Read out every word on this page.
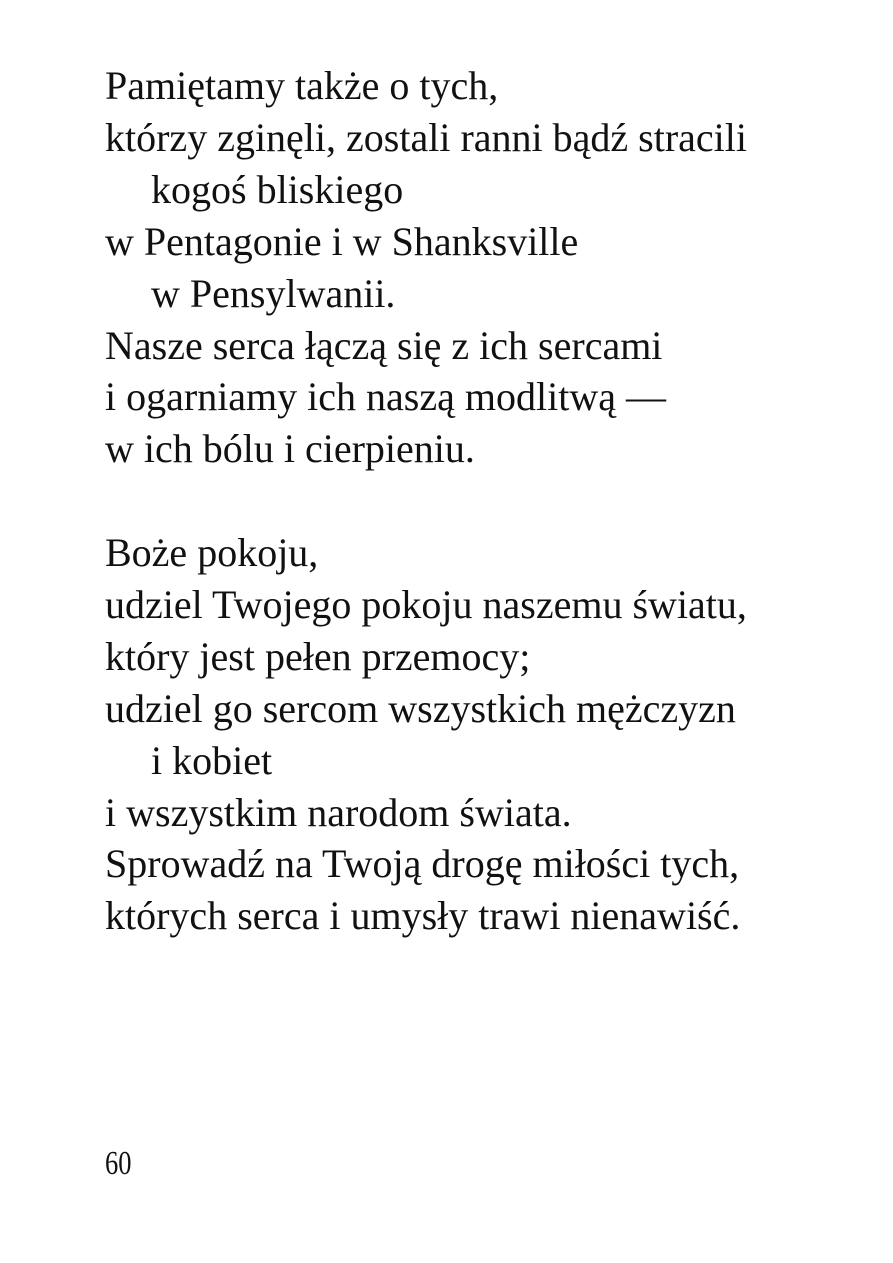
Pamiętamy także o tych,
którzy zginęli, zostali ranni bądź stracili
kogoś bliskiego
w Pentagonie i w Shanksville
w Pensylwanii.
Nasze serca łączą się z ich sercami
i ogarniamy ich naszą modlitwą —
w ich bólu i cierpieniu.
Boże pokoju,
udziel Twojego pokoju naszemu światu,
który jest pełen przemocy;
udziel go sercom wszystkich mężczyzn
i kobiet
i wszystkim narodom świata.
Sprowadź na Twoją drogę miłości tych,
których serca i umysły trawi nienawiść.
60
